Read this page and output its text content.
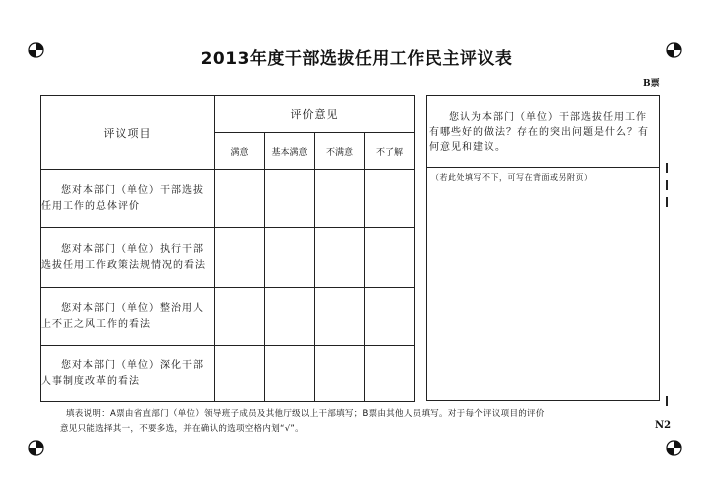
2013年度干部选拔任用工作民主评议表
B票
评议项目	评价意见			
	满意	基本满意	不满意	不了解
您对本部门（单位）干部选拔任用工作的总体评价				
您对本部门（单位）执行干部选拔任用工作政策法规情况的看法				
您对本部门（单位）整治用人上不正之风工作的看法				
您对本部门（单位）深化干部人事制度改革的看法				
您认为本部门（单位）干部选拔任用工作有哪些好的做法？存在的突出问题是什么？有何意见和建议。
（若此处填写不下，可写在背面或另附页）
填表说明：A票由省直部门（单位）领导班子成员及其他厅级以上干部填写；B票由其他人员填写。对于每个评议项目的评价
意见只能选择其一，不要多选，并在确认的选项空格内划“√”。	N2
